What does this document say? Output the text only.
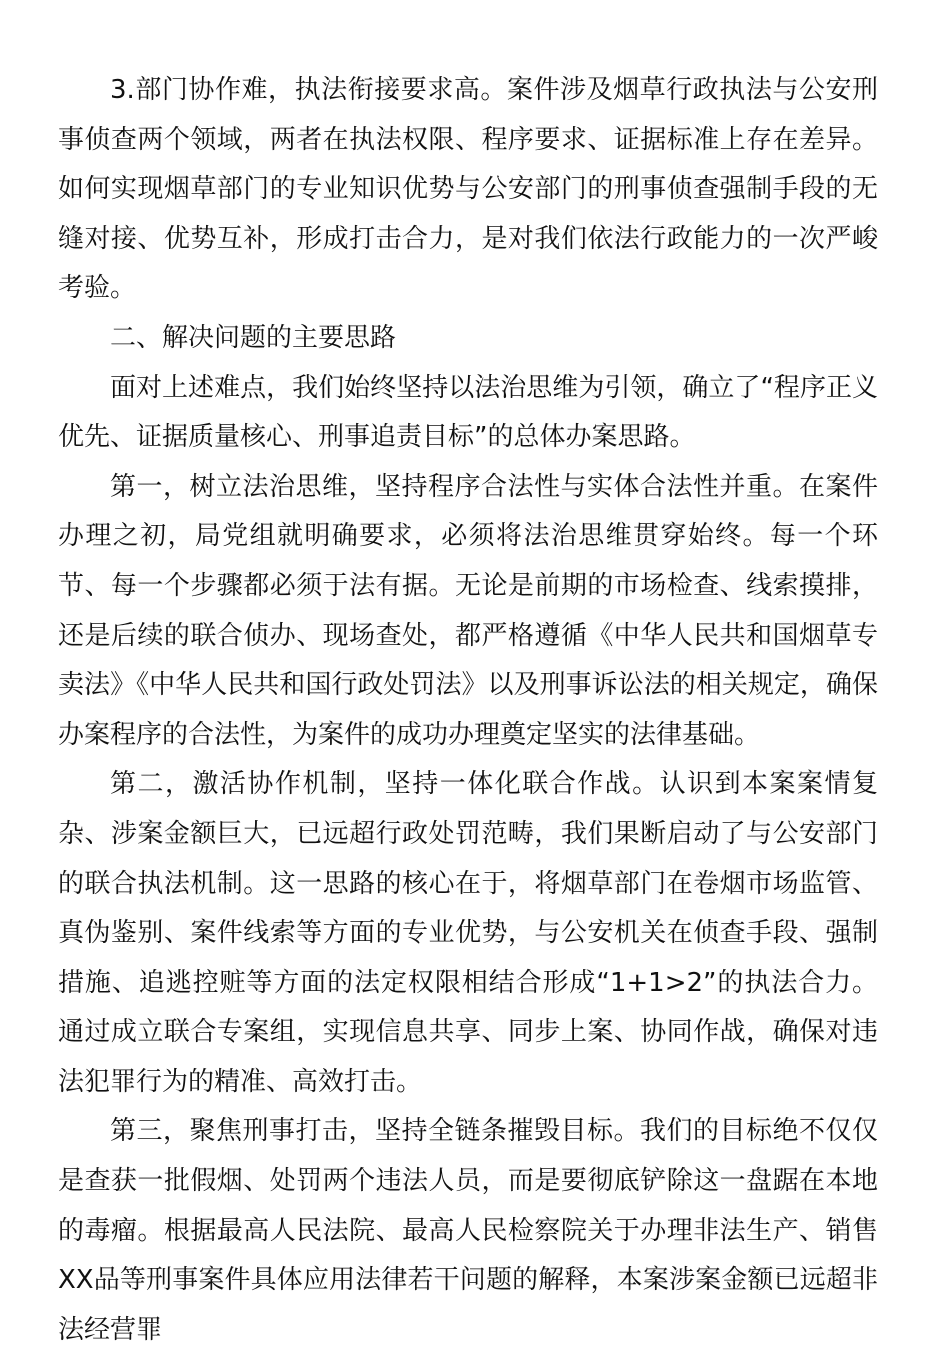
3.部门协作难，执法衔接要求高。案件涉及烟草行政执法与公安刑事侦查两个领域，两者在执法权限、程序要求、证据标准上存在差异。如何实现烟草部门的专业知识优势与公安部门的刑事侦查强制手段的无缝对接、优势互补，形成打击合力，是对我们依法行政能力的一次严峻考验。

二、解决问题的主要思路

面对上述难点，我们始终坚持以法治思维为引领，确立了“程序正义优先、证据质量核心、刑事追责目标”的总体办案思路。

第一，树立法治思维，坚持程序合法性与实体合法性并重。在案件办理之初，局党组就明确要求，必须将法治思维贯穿始终。每一个环节、每一个步骤都必须于法有据。无论是前期的市场检查、线索摸排，还是后续的联合侦办、现场查处，都严格遵循《中华人民共和国烟草专卖法》《中华人民共和国行政处罚法》以及刑事诉讼法的相关规定，确保办案程序的合法性，为案件的成功办理奠定坚实的法律基础。

第二，激活协作机制，坚持一体化联合作战。认识到本案案情复杂、涉案金额巨大，已远超行政处罚范畴，我们果断启动了与公安部门的联合执法机制。这一思路的核心在于，将烟草部门在卷烟市场监管、真伪鉴别、案件线索等方面的专业优势，与公安机关在侦查手段、强制措施、追逃控赃等方面的法定权限相结合形成“1+1>2”的执法合力。通过成立联合专案组，实现信息共享、同步上案、协同作战，确保对违法犯罪行为的精准、高效打击。

第三，聚焦刑事打击，坚持全链条摧毁目标。我们的目标绝不仅仅是查获一批假烟、处罚两个违法人员，而是要彻底铲除这一盘踞在本地的毒瘤。根据最高人民法院、最高人民检察院关于办理非法生产、销售XX品等刑事案件具体应用法律若干问题的解释，本案涉案金额已远超非法经营罪
